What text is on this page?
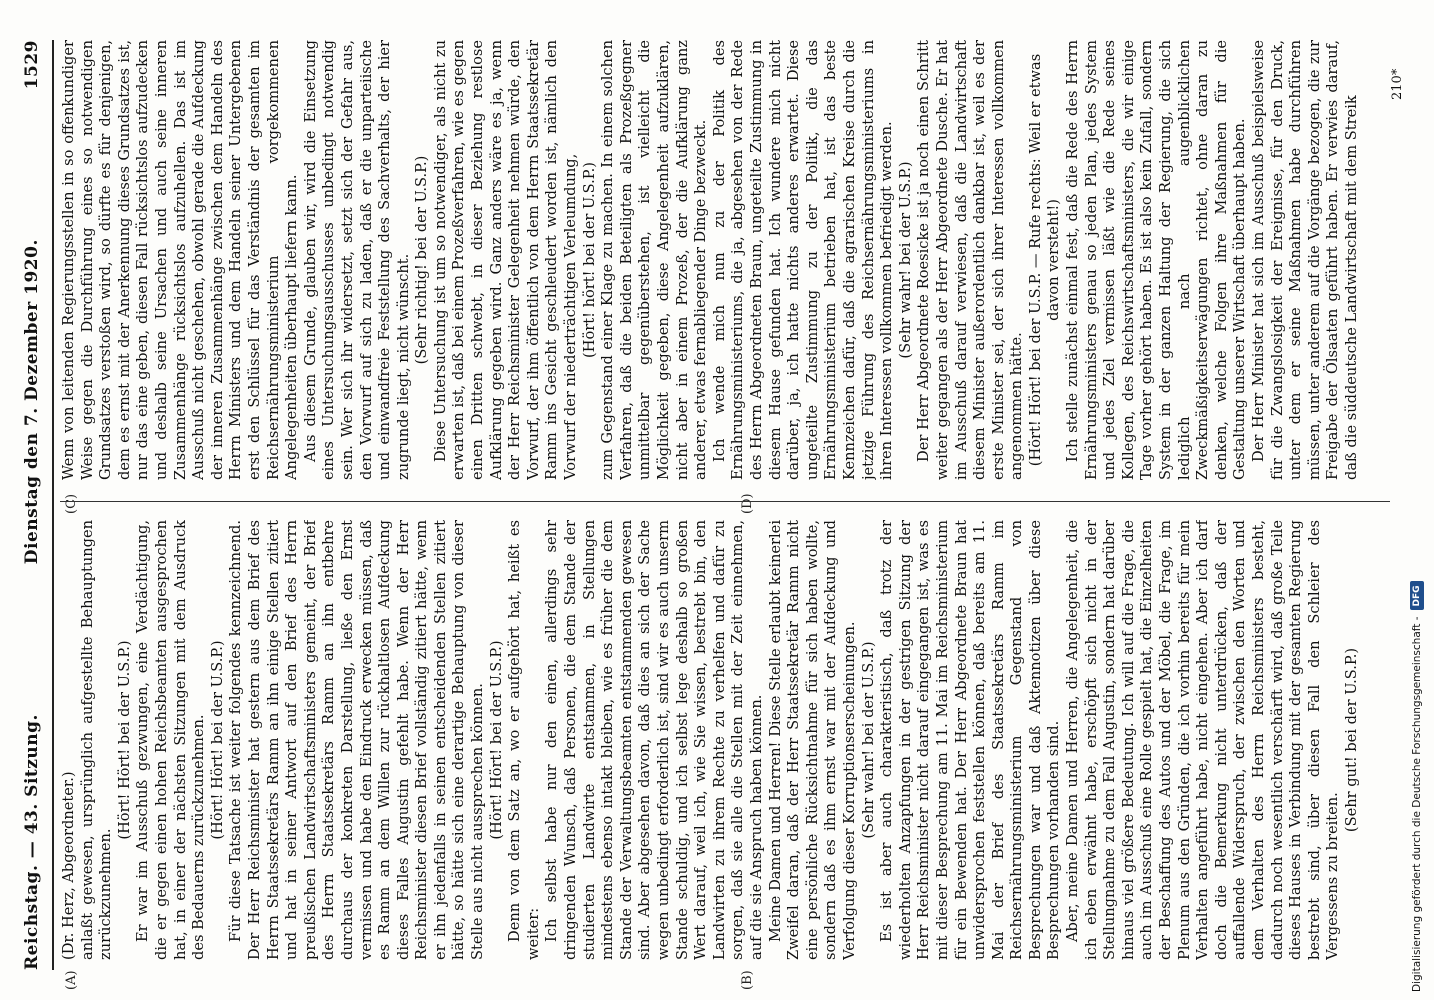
Reichstag. — 43. Sitzung.
Dienstag den 7. Dezember 1920.
1529
(A)	(B)
(C)	(D)

(Dr. Herz, Abgeordneter.) anlaßt gewesen, ursprünglich aufgestellte Behauptungen zurückzunehmen.

(Hört! Hört! bei der U.S.P.) Er war im Ausschuß gezwungen, eine Verdächtigung, die er gegen einen hohen Reichsbeamten ausgesprochen hat, in einer der nächsten Sitzungen mit dem Ausdruck des Bedauerns zurückzunehmen. (Hört! Hört! bei der U.S.P.) Für diese Tatsache ist weiter folgendes kennzeichnend. Der Herr Reichsminister hat gestern aus dem Brief des Herrn Staatssekretärs Ramm an ihn einige Stellen zitiert und hat in seiner Antwort auf den Brief des Herrn preußischen Landwirtschaftsministers gemeint, der Brief des Herrn Staatssekretärs Ramm an ihn entbehre durchaus der konkreten Darstellung, ließe den Ernst vermissen und habe den Eindruck erwecken müssen, daß es Ramm an dem Willen zur rückhaltlosen Aufdeckung dieses Falles Augustin gefehlt habe. Wenn der Herr Reichsminister diesen Brief vollständig zitiert hätte, wenn er ihn jedenfalls in seinen entscheidenden Stellen zitiert hätte, so hätte sich eine derartige Behauptung von dieser Stelle aus nicht aussprechen können. (Hört! Hört! bei der U.S.P.) Denn von dem Satz an, wo er aufgehört hat, heißt es weiter: Ich selbst habe nur den einen, allerdings sehr dringenden Wunsch, daß Personen, die dem Stande der studierten Landwirte entstammen, in Stellungen mindestens ebenso intakt bleiben, wie es früher die dem Stande der Verwaltungsbeamten entstammenden gewesen sind. Aber abgesehen davon, daß dies an sich der Sache wegen unbedingt erforderlich ist, sind wir es auch unserm Stande schuldig, und ich selbst lege deshalb so großen Wert darauf, weil ich, wie Sie wissen, bestrebt bin, den Landwirten zu ihrem Rechte zu verhelfen und dafür zu sorgen, daß sie alle die Stellen mit der Zeit einnehmen, auf die sie Anspruch haben können. Meine Damen und Herren! Diese Stelle erlaubt keinerlei Zweifel daran, daß der Herr Staatssekretär Ramm nicht eine persönliche Rücksichtnahme für sich haben wollte, sondern daß es ihm ernst war mit der Aufdeckung und Verfolgung dieser Korruptionserscheinungen. (Sehr wahr! bei der U.S.P.) Es ist aber auch charakteristisch, daß trotz der wiederholten Anzapfungen in der gestrigen Sitzung der Herr Reichsminister nicht darauf eingegangen ist, was es mit dieser Besprechung am 11. Mai im Reichsministerium für ein Bewenden hat. Der Herr Abgeordnete Braun hat unwidersprochen feststellen können, daß bereits am 11. Mai der Brief des Staatssekretärs Ramm im Reichsernährungsministerium Gegenstand von Besprechungen war und daß Aktennotizen über diese Besprechungen vorhanden sind. Aber, meine Damen und Herren, die Angelegenheit, die ich eben erwähnt habe, erschöpft sich nicht in der Stellungnahme zu dem Fall Augustin, sondern hat darüber hinaus viel größere Bedeutung. Ich will auf die Frage, die auch im Ausschuß eine Rolle gespielt hat, die Einzelheiten der Beschaffung des Autos und der Möbel, die Frage, im Plenum aus den Gründen, die ich vorhin bereits für mein Verhalten angeführt habe, nicht eingehen. Aber ich darf doch die Bemerkung nicht unterdrücken, daß der auffallende Widerspruch, der zwischen den Worten und dem Verhalten des Herrn Reichsministers besteht, dadurch noch wesentlich verschärft wird, daß große Teile dieses Hauses in Verbindung mit der gesamten Regierung bestrebt sind, über diesen Fall den Schleier des Vergessens zu breiten.

(Sehr gut! bei der U.S.P.)

Wenn von leitenden Regierungsstellen in so offenkundiger Weise gegen die Durchführung eines so notwendigen Grundsatzes verstoßen wird, so dürfte es für denjenigen, dem es ernst mit der Anerkennung dieses Grundsatzes ist, nur das eine geben, diesen Fall rücksichtslos aufzudecken und deshalb seine Ursachen und auch seine inneren Zusammenhänge rücksichtslos aufzuhellen. Das ist im Ausschuß nicht geschehen, obwohl gerade die Aufdeckung der inneren Zusammenhänge zwischen dem Handeln des Herrn Ministers und dem Handeln seiner Untergebenen erst den Schlüssel für das Verständnis der gesamten im Reichsernährungsministerium vorgekommenen Angelegenheiten überhaupt liefern kann. Aus diesem Grunde, glauben wir, wird die Einsetzung eines Untersuchungsausschusses unbedingt notwendig sein. Wer sich ihr widersetzt, setzt sich der Gefahr aus, den Vorwurf auf sich zu laden, daß er die unparteiische und einwandfreie Feststellung des Sachverhalts, der hier zugrunde liegt, nicht wünscht. (Sehr richtig! bei der U.S.P.) Diese Untersuchung ist um so notwendiger, als nicht zu erwarten ist, daß bei einem Prozeßverfahren, wie es gegen einen Dritten schwebt, in dieser Beziehung restlose Aufklärung gegeben wird. Ganz anders wäre es ja, wenn der Herr Reichsminister Gelegenheit nehmen würde, den Vorwurf, der ihm öffentlich von dem Herrn Staatssekretär Ramm ins Gesicht geschleudert worden ist, nämlich den Vorwurf der niederträchtigen Verleumdung, (Hört! hört! bei der U.S.P.) zum Gegenstand einer Klage zu machen. In einem solchen Verfahren, daß die beiden Beteiligten als Prozeßgegner unmittelbar gegenüberstehen, ist vielleicht die Möglichkeit gegeben, diese Angelegenheit aufzuklären, nicht aber in einem Prozeß, der die Aufklärung ganz anderer, etwas fernabliegender Dinge bezweckt. Ich wende mich nun zu der Politik des Ernährungsministeriums, die ja, abgesehen von der Rede des Herrn Abgeordneten Braun, ungeteilte Zustimmung in diesem Hause gefunden hat. Ich wundere mich nicht darüber, ja, ich hatte nichts anderes erwartet. Diese ungeteilte Zustimmung zu der Politik, die das Ernährungsministerium betrieben hat, ist das beste Kennzeichen dafür, daß die agrarischen Kreise durch die jetzige Führung des Reichsernährungsministeriums in ihren Interessen vollkommen befriedigt werden. (Sehr wahr! bei der U.S.P.) Der Herr Abgeordnete Roesicke ist ja noch einen Schritt weiter gegangen als der Herr Abgeordnete Dusche. Er hat im Ausschuß darauf verwiesen, daß die Landwirtschaft diesem Minister außerordentlich dankbar ist, weil es der erste Minister sei, der sich ihrer Interessen vollkommen angenommen hätte. (Hört! Hört! bei der U.S.P. — Rufe rechts: Weil er etwas davon versteht!) Ich stelle zunächst einmal fest, daß die Rede des Herrn Ernährungsministers genau so jeden Plan, jedes System und jedes Ziel vermissen läßt wie die Rede seines Kollegen, des Reichswirtschaftsministers, die wir einige Tage vorher gehört haben. Es ist also kein Zufall, sondern System in der ganzen Haltung der Regierung, die sich lediglich nach augenblicklichen Zweckmäßigkeitserwägungen richtet, ohne daran zu denken, welche Folgen ihre Maßnahmen für die Gestaltung unserer Wirtschaft überhaupt haben. Der Herr Minister hat sich im Ausschuß beispielsweise für die Zwangslosigkeit der Ereignisse, für den Druck, unter dem er seine Maßnahmen habe durchführen müssen, unter anderem auf die Vorgänge bezogen, die zur Freigabe der Ölsaaten geführt haben. Er verwies darauf, daß die süddeutsche Landwirtschaft mit dem Streik

210*
Digitalisierung gefördert durch die Deutsche Forschungsgemeinschaft -
DFG
